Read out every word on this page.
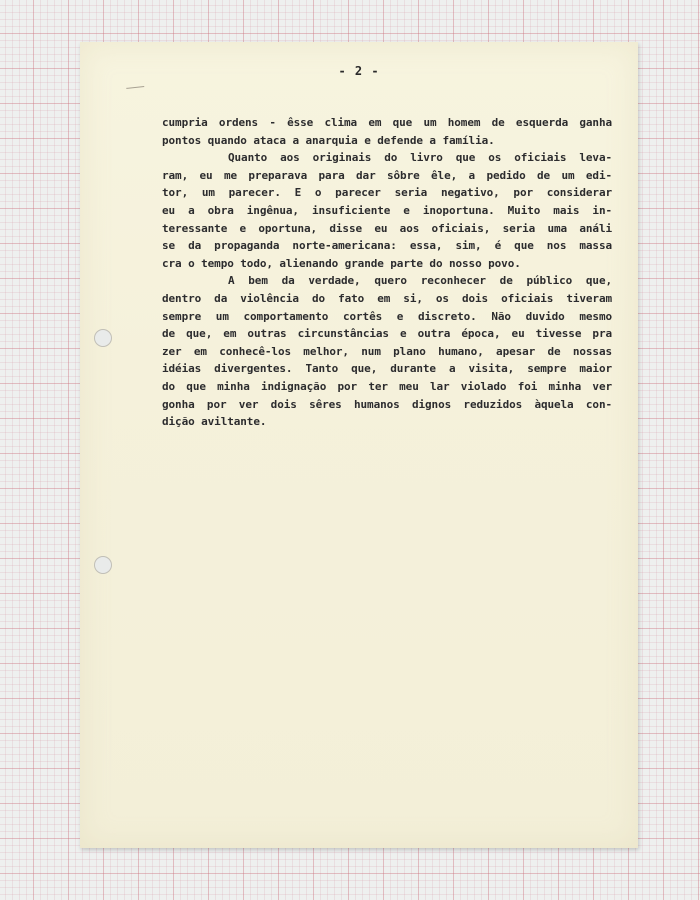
- 2 -
cumpria ordens - êsse clima em que um homem de esquerda ganha
pontos quando ataca a anarquia e defende a família.
Quanto aos originais do livro que os oficiais leva-
ram, eu me preparava para dar sôbre êle, a pedido de um edi-
tor, um parecer. E o parecer seria negativo, por considerar
eu a obra ingênua, insuficiente e inoportuna. Muito mais in-
teressante e oportuna, disse eu aos oficiais, seria uma análi
se da propaganda norte-americana: essa, sim, é que nos massa
cra o tempo todo, alienando grande parte do nosso povo.
A bem da verdade, quero reconhecer de público que,
dentro da violência do fato em si, os dois oficiais tiveram
sempre um comportamento cortês e discreto. Não duvido mesmo
de que, em outras circunstâncias e outra época, eu tivesse pra
zer em conhecê-los melhor, num plano humano, apesar de nossas
idéias divergentes. Tanto que, durante a visita, sempre maior
do que minha indignação por ter meu lar violado foi minha ver
gonha por ver dois sêres humanos dignos reduzidos àquela con-
dição aviltante.
